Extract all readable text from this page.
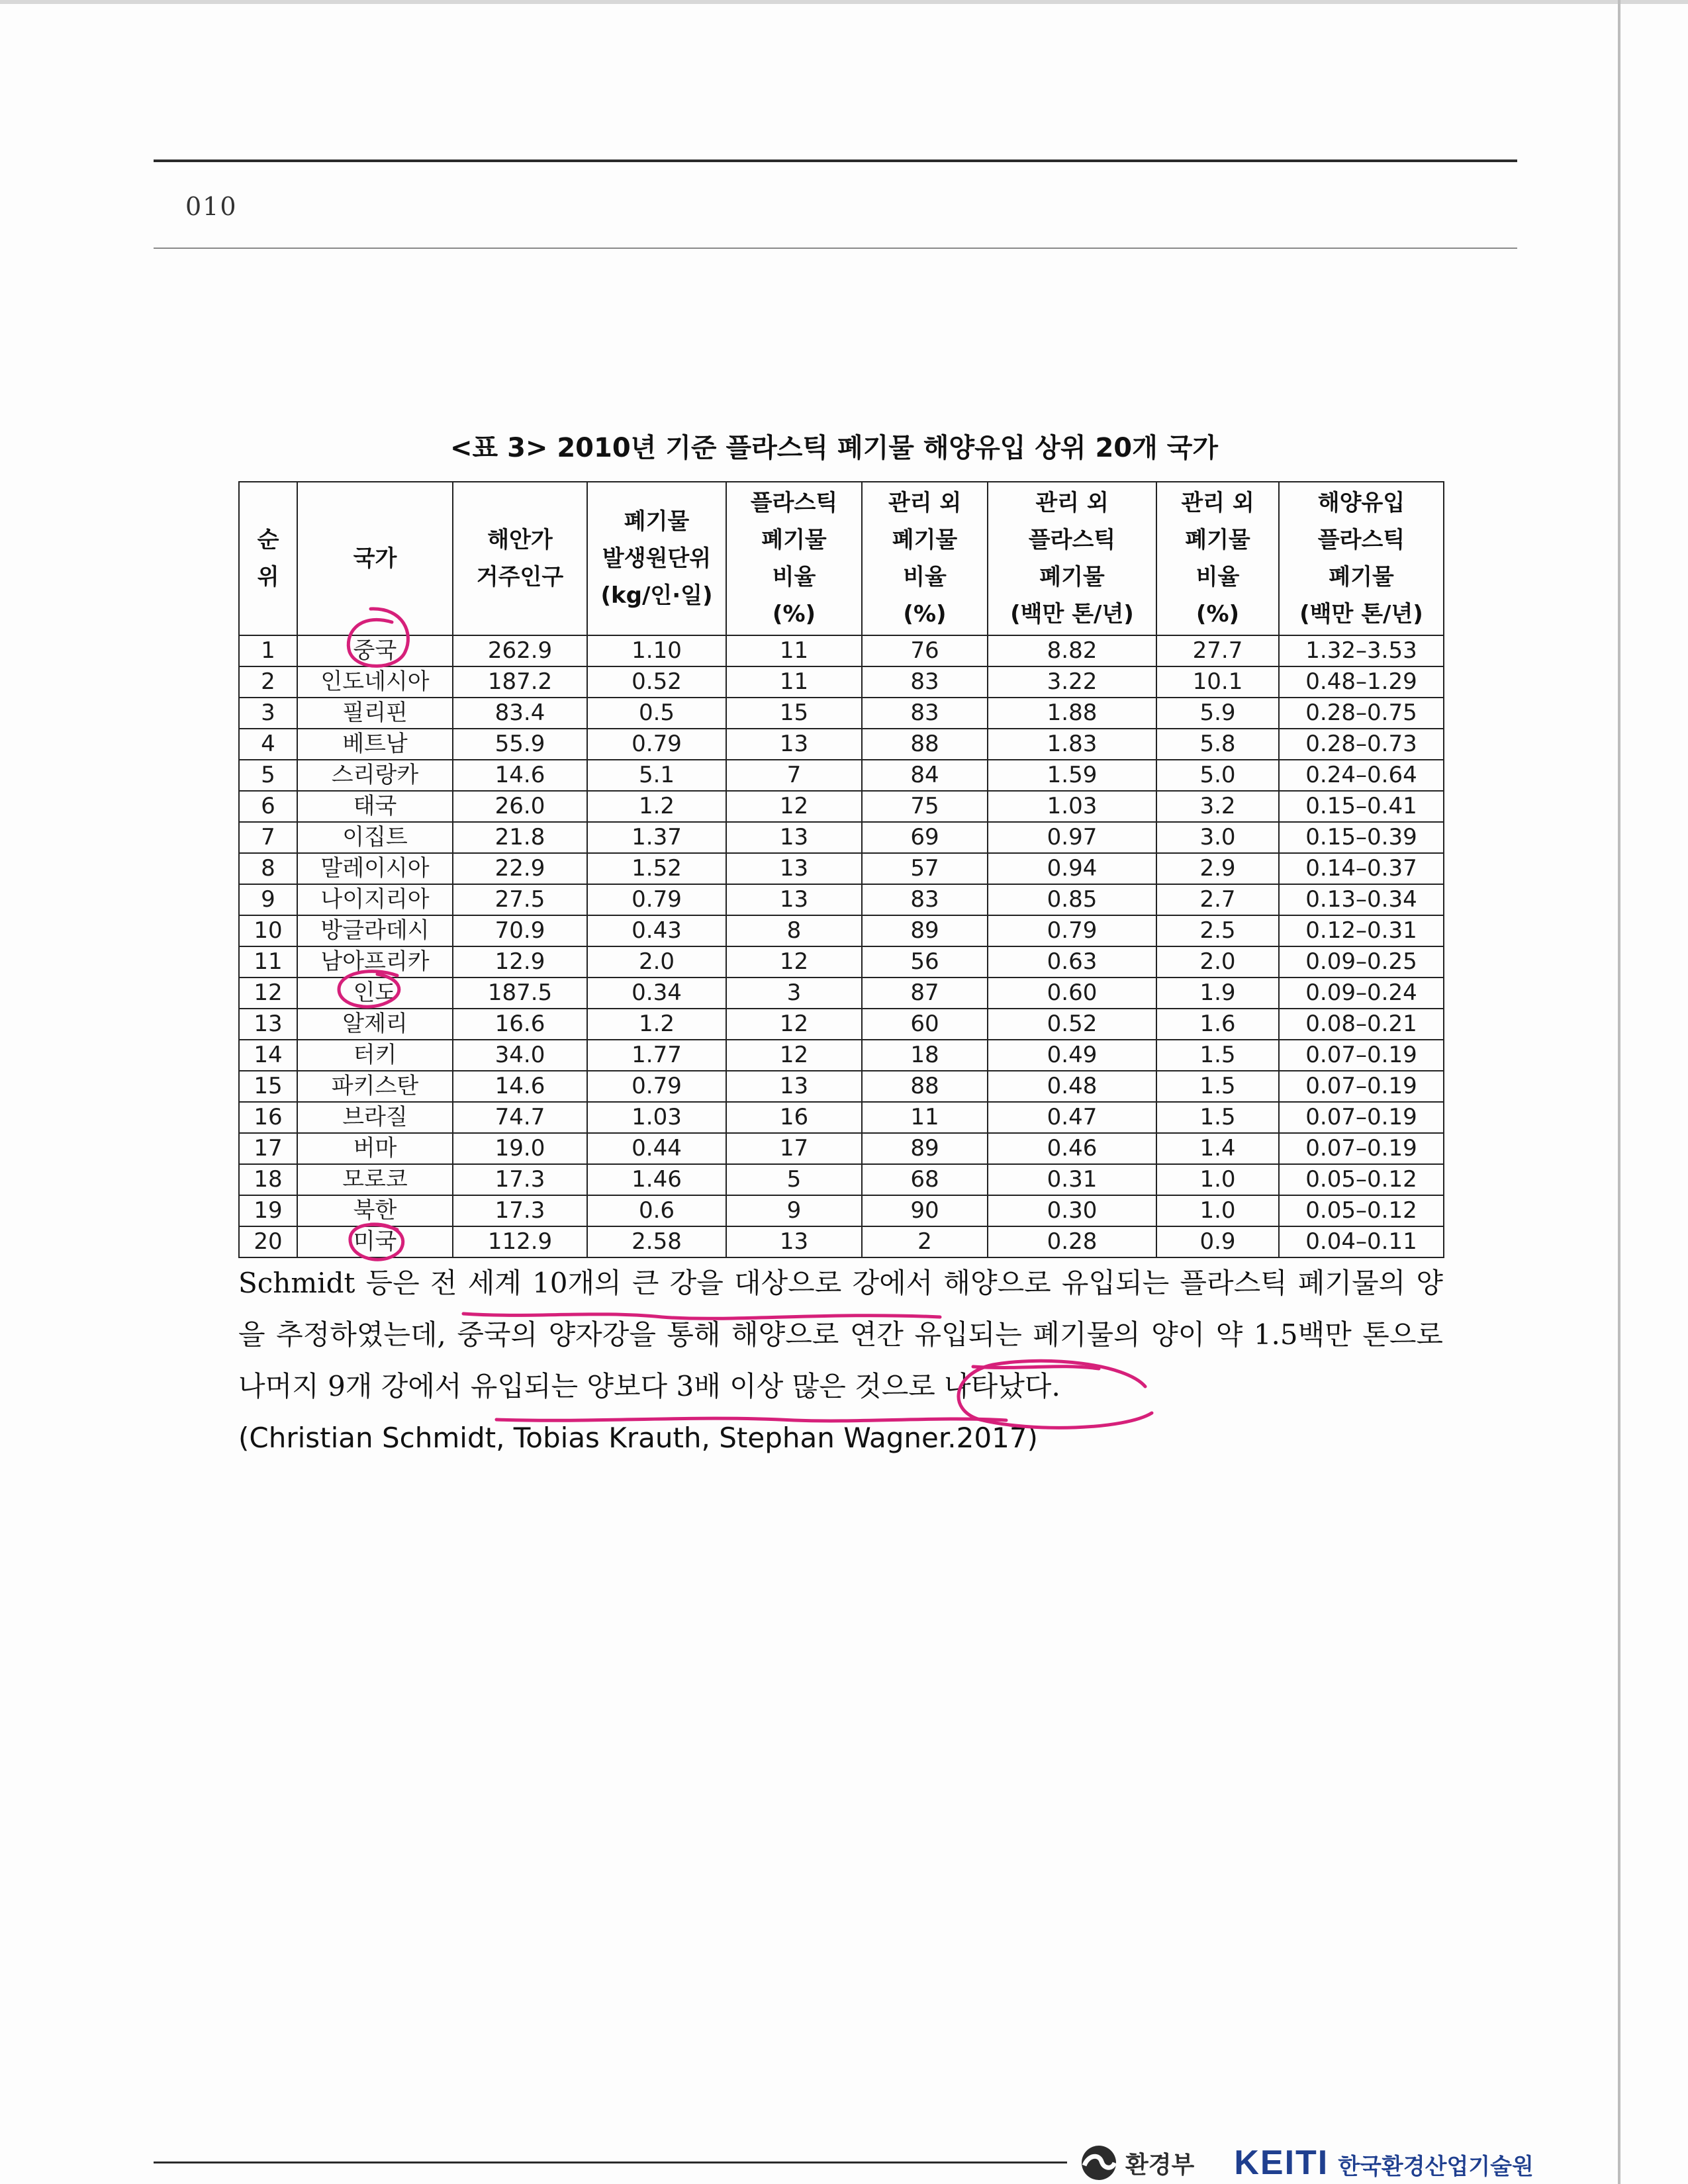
010
<표 3> 2010년 기준 플라스틱 폐기물 해양유입 상위 20개 국가
순
위	국가	해안가
거주인구	폐기물
발생원단위
(kg/인·일)	플라스틱
폐기물
비율
(%)	관리 외
폐기물
비율
(%)	관리 외
플라스틱
폐기물
(백만 톤/년)	관리 외
폐기물
비율
(%)	해양유입
플라스틱
폐기물
(백만 톤/년)

1	중국	262.9	1.10	11	76	8.82	27.7	1.32–3.53
2	인도네시아	187.2	0.52	11	83	3.22	10.1	0.48–1.29
3	필리핀	83.4	0.5	15	83	1.88	5.9	0.28–0.75
4	베트남	55.9	0.79	13	88	1.83	5.8	0.28–0.73
5	스리랑카	14.6	5.1	7	84	1.59	5.0	0.24–0.64
6	태국	26.0	1.2	12	75	1.03	3.2	0.15–0.41
7	이집트	21.8	1.37	13	69	0.97	3.0	0.15–0.39
8	말레이시아	22.9	1.52	13	57	0.94	2.9	0.14–0.37
9	나이지리아	27.5	0.79	13	83	0.85	2.7	0.13–0.34
10	방글라데시	70.9	0.43	8	89	0.79	2.5	0.12–0.31
11	남아프리카	12.9	2.0	12	56	0.63	2.0	0.09–0.25
12	인도	187.5	0.34	3	87	0.60	1.9	0.09–0.24
13	알제리	16.6	1.2	12	60	0.52	1.6	0.08–0.21
14	터키	34.0	1.77	12	18	0.49	1.5	0.07–0.19
15	파키스탄	14.6	0.79	13	88	0.48	1.5	0.07–0.19
16	브라질	74.7	1.03	16	11	0.47	1.5	0.07–0.19
17	버마	19.0	0.44	17	89	0.46	1.4	0.07–0.19
18	모로코	17.3	1.46	5	68	0.31	1.0	0.05–0.12
19	북한	17.3	0.6	9	90	0.30	1.0	0.05–0.12
20	미국	112.9	2.58	13	2	0.28	0.9	0.04–0.11
Schmidt 등은 전 세계 10개의 큰 강을 대상으로 강에서 해양으로 유입되는 플라스틱 폐기물의 양을 추정하였는데, 중국의 양자강을 통해 해양으로 연간 유입되는 폐기물의 양이 약 1.5백만 톤으로 나머지 9개 강에서 유입되는 양보다 3배 이상 많은 것으로 나타났다.
(Christian Schmidt, Tobias Krauth, Stephan Wagner.2017)
환경부 KEITI 한국환경산업기술원
